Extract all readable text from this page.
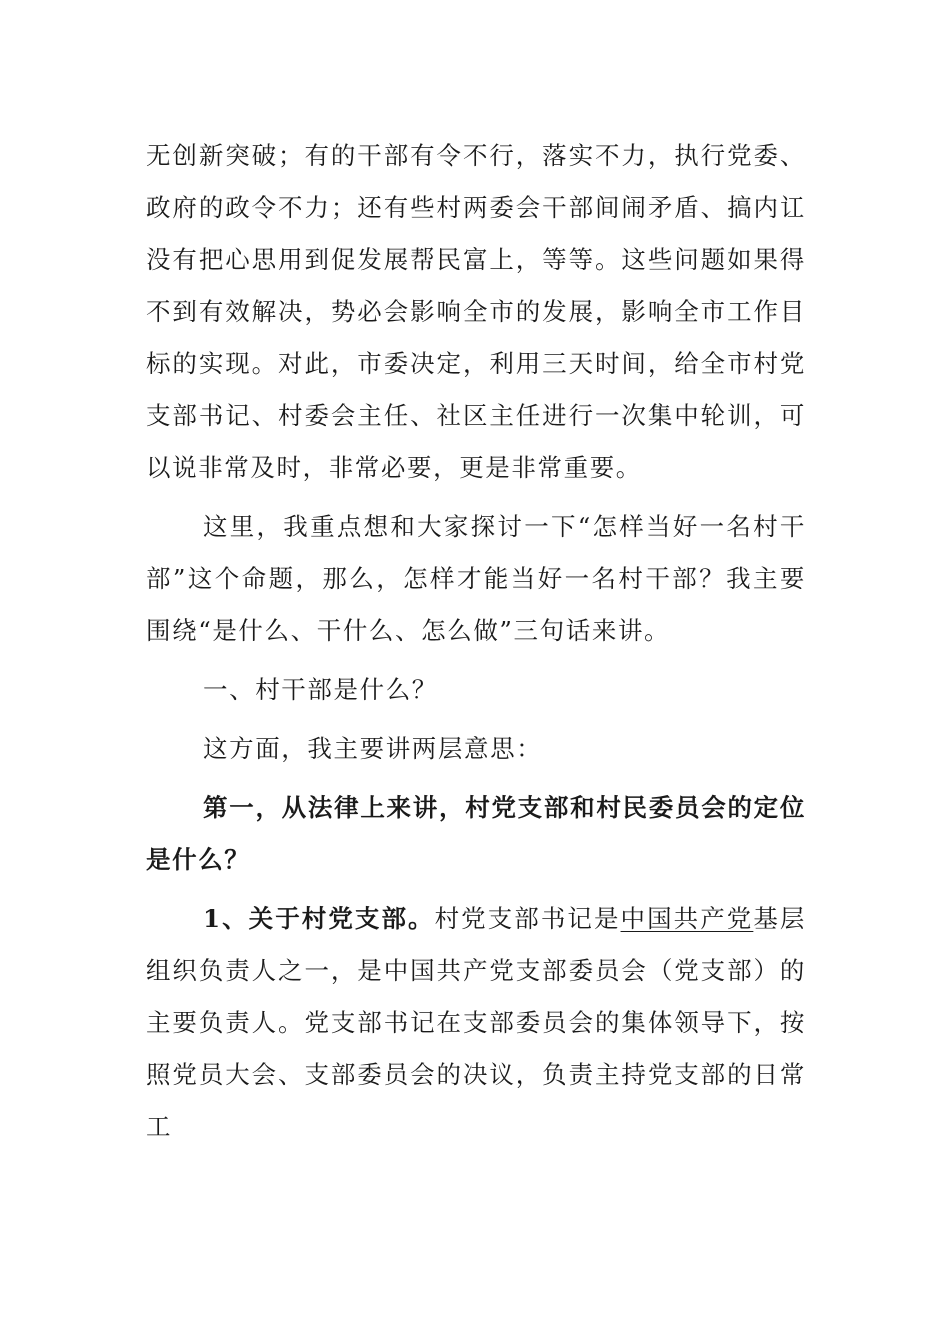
无创新突破；有的干部有令不行，落实不力，执行党委、政府的政令不力；还有些村两委会干部间闹矛盾、搞内讧没有把心思用到促发展帮民富上，等等。这些问题如果得不到有效解决，势必会影响全市的发展，影响全市工作目标的实现。对此，市委决定，利用三天时间，给全市村党支部书记、村委会主任、社区主任进行一次集中轮训，可以说非常及时，非常必要，更是非常重要。

这里，我重点想和大家探讨一下“怎样当好一名村干部”这个命题，那么，怎样才能当好一名村干部？我主要围绕“是什么、干什么、怎么做”三句话来讲。

一、村干部是什么？

这方面，我主要讲两层意思：

第一，从法律上来讲，村党支部和村民委员会的定位是什么？

1、关于村党支部。村党支部书记是中国共产党基层组织负责人之一，是中国共产党支部委员会（党支部）的主要负责人。党支部书记在支部委员会的集体领导下，按照党员大会、支部委员会的决议，负责主持党支部的日常工
